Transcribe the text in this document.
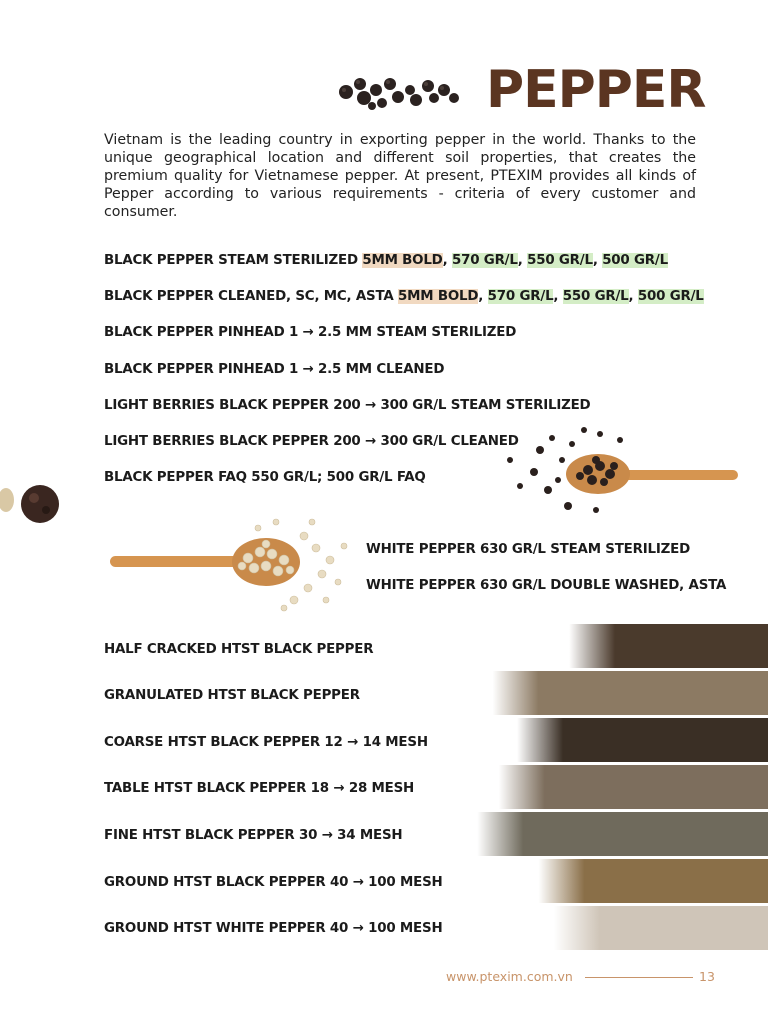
PEPPER
Vietnam is the leading country in exporting pepper in the world. Thanks to the unique geographical location and different soil properties, that creates the premium quality for Vietnamese pepper. At present, PTEXIM provides all kinds of Pepper according to various requirements - criteria of every customer and consumer.
BLACK PEPPER STEAM STERILIZED 5MM BOLD, 570 GR/L, 550 GR/L, 500 GR/L
BLACK PEPPER CLEANED, SC, MC, ASTA 5MM BOLD, 570 GR/L, 550 GR/L, 500 GR/L
BLACK PEPPER PINHEAD 1 → 2.5 MM STEAM STERILIZED
BLACK PEPPER PINHEAD 1 → 2.5 MM CLEANED
LIGHT BERRIES BLACK PEPPER 200 → 300 GR/L STEAM STERILIZED
LIGHT BERRIES BLACK PEPPER 200 → 300 GR/L CLEANED
BLACK PEPPER FAQ 550 GR/L; 500 GR/L FAQ
WHITE PEPPER 630 GR/L STEAM STERILIZED
WHITE PEPPER 630 GR/L DOUBLE WASHED, ASTA
HALF CRACKED HTST BLACK PEPPER
GRANULATED HTST BLACK PEPPER
COARSE HTST BLACK PEPPER 12 → 14 MESH
TABLE HTST BLACK PEPPER 18 → 28 MESH
FINE HTST BLACK PEPPER 30 → 34 MESH
GROUND HTST BLACK PEPPER 40 → 100 MESH
GROUND HTST WHITE PEPPER 40 → 100 MESH
www.ptexim.com.vn	13
